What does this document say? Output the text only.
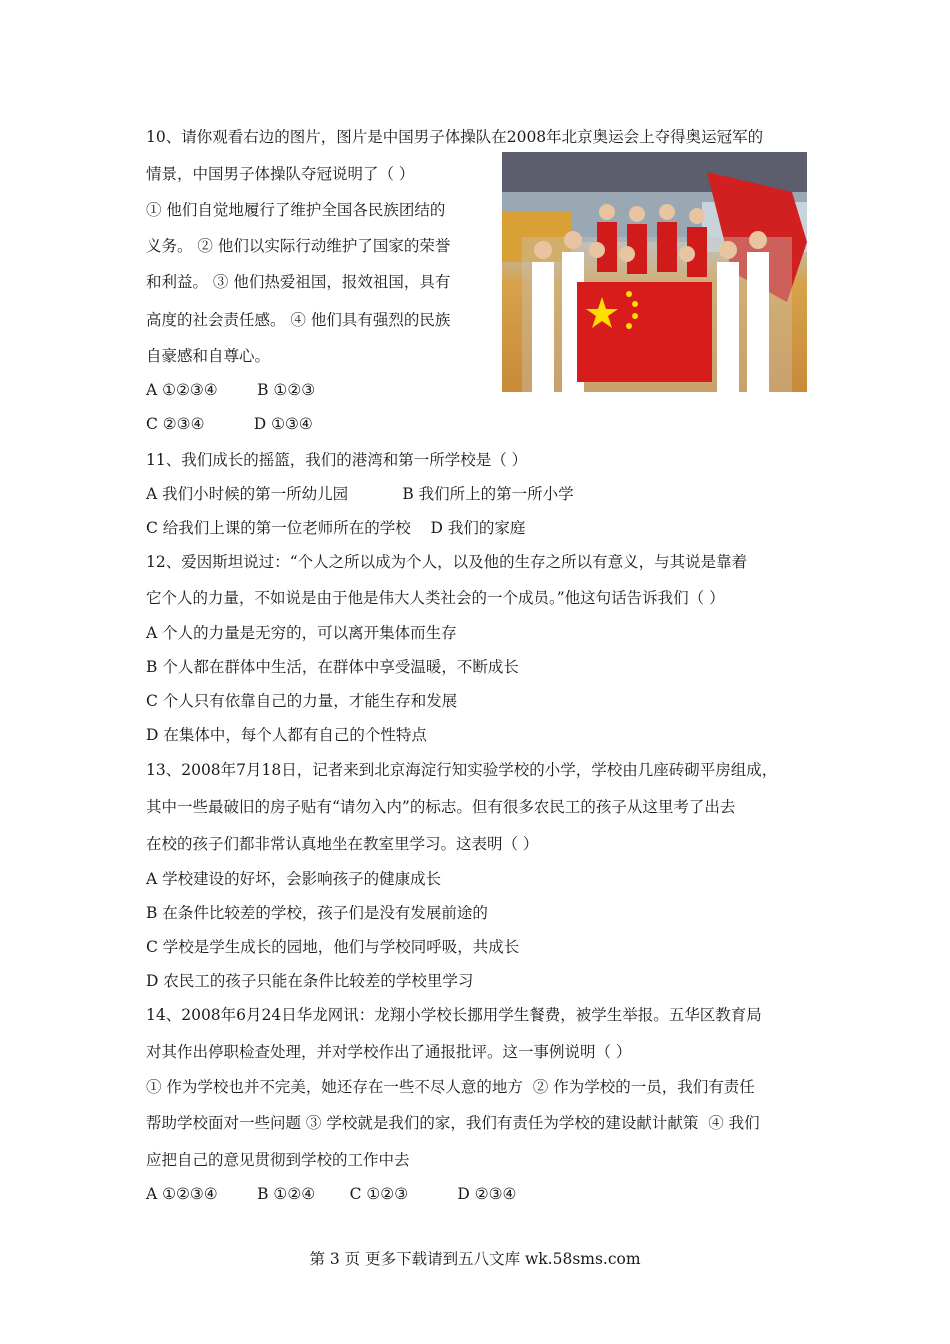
10、请你观看右边的图片，图片是中国男子体操队在2008年北京奥运会上夺得奥运冠军的
情景，中国男子体操队夺冠说明了（ ）
① 他们自觉地履行了维护全国各民族团结的
义务。 ② 他们以实际行动维护了国家的荣誉
和利益。 ③ 他们热爱祖国，报效祖国，具有
高度的社会责任感。 ④ 他们具有强烈的民族
自豪感和自尊心。
A ①②③④        B ①②③
C ②③④          D ①③④
11、我们成长的摇篮，我们的港湾和第一所学校是（ ）
A 我们小时候的第一所幼儿园           B 我们所上的第一所小学
C 给我们上课的第一位老师所在的学校    D 我们的家庭
12、爱因斯坦说过：“个人之所以成为个人，以及他的生存之所以有意义，与其说是靠着
它个人的力量，不如说是由于他是伟大人类社会的一个成员。”他这句话告诉我们（ ）
A 个人的力量是无穷的，可以离开集体而生存
B 个人都在群体中生活，在群体中享受温暖，不断成长
C 个人只有依靠自己的力量，才能生存和发展
D 在集体中，每个人都有自己的个性特点
13、2008年7月18日，记者来到北京海淀行知实验学校的小学，学校由几座砖砌平房组成，
其中一些最破旧的房子贴有“请勿入内”的标志。但有很多农民工的孩子从这里考了出去
在校的孩子们都非常认真地坐在教室里学习。这表明（ ）
A 学校建设的好坏，会影响孩子的健康成长
B 在条件比较差的学校，孩子们是没有发展前途的
C 学校是学生成长的园地，他们与学校同呼吸，共成长
D 农民工的孩子只能在条件比较差的学校里学习
14、2008年6月24日华龙网讯：龙翔小学校长挪用学生餐费，被学生举报。五华区教育局
对其作出停职检查处理，并对学校作出了通报批评。这一事例说明（ ）
① 作为学校也并不完美，她还存在一些不尽人意的地方  ② 作为学校的一员，我们有责任
帮助学校面对一些问题 ③ 学校就是我们的家，我们有责任为学校的建设献计献策  ④ 我们
应把自己的意见贯彻到学校的工作中去
A ①②③④        B ①②④       C ①②③          D ②③④
第 3 页 更多下载请到五八文库 wk.58sms.com
